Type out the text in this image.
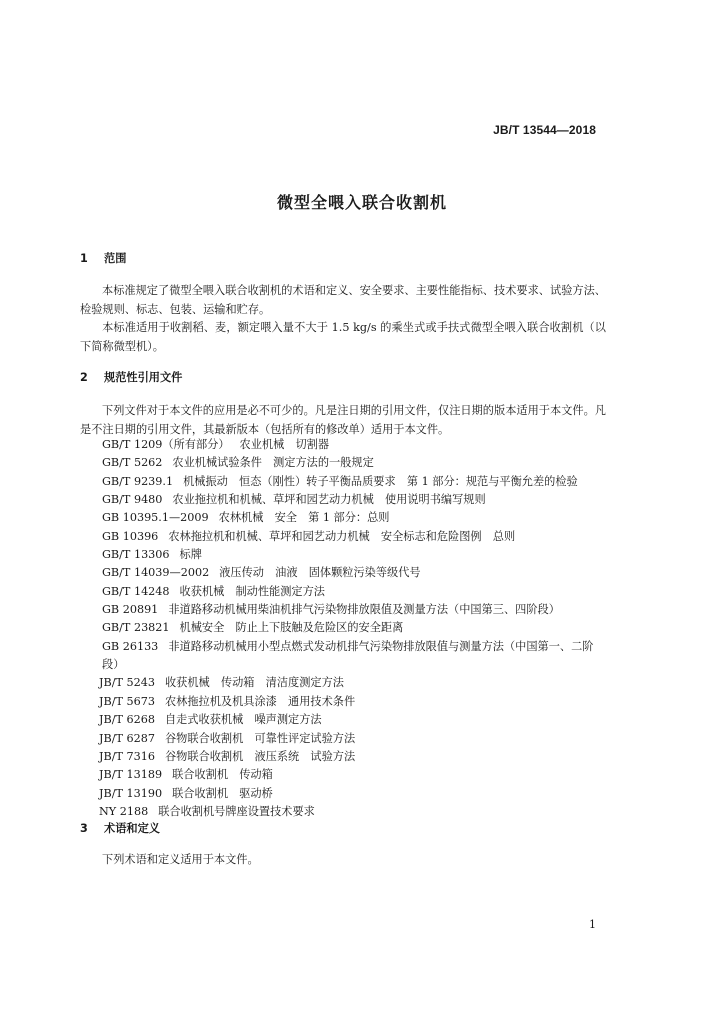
JB/T 13544—2018
微型全喂入联合收割机
1 范围
本标准规定了微型全喂入联合收割机的术语和定义、安全要求、主要性能指标、技术要求、试验方法、检验规则、标志、包装、运输和贮存。
本标准适用于收割稻、麦，额定喂入量不大于 1.5 kg/s 的乘坐式或手扶式微型全喂入联合收割机（以下简称微型机）。
2 规范性引用文件
下列文件对于本文件的应用是必不可少的。凡是注日期的引用文件，仅注日期的版本适用于本文件。凡是不注日期的引用文件，其最新版本（包括所有的修改单）适用于本文件。
GB/T 1209（所有部分） 农业机械　切割器
GB/T 5262 农业机械试验条件　测定方法的一般规定
GB/T 9239.1 机械振动　恒态（刚性）转子平衡品质要求　第 1 部分：规范与平衡允差的检验
GB/T 9480 农业拖拉机和机械、草坪和园艺动力机械　使用说明书编写规则
GB 10395.1—2009 农林机械　安全　第 1 部分：总则
GB 10396 农林拖拉机和机械、草坪和园艺动力机械　安全标志和危险图例　总则
GB/T 13306 标牌
GB/T 14039—2002 液压传动　油液　固体颗粒污染等级代号
GB/T 14248 收获机械　制动性能测定方法
GB 20891 非道路移动机械用柴油机排气污染物排放限值及测量方法（中国第三、四阶段）
GB/T 23821 机械安全　防止上下肢触及危险区的安全距离
GB 26133 非道路移动机械用小型点燃式发动机排气污染物排放限值与测量方法（中国第一、二阶段）
JB/T 5243 收获机械　传动箱　清洁度测定方法
JB/T 5673 农林拖拉机及机具涂漆　通用技术条件
JB/T 6268 自走式收获机械　噪声测定方法
JB/T 6287 谷物联合收割机　可靠性评定试验方法
JB/T 7316 谷物联合收割机　液压系统　试验方法
JB/T 13189 联合收割机　传动箱
JB/T 13190 联合收割机　驱动桥
NY 2188 联合收割机号牌座设置技术要求
3 术语和定义
下列术语和定义适用于本文件。
1
